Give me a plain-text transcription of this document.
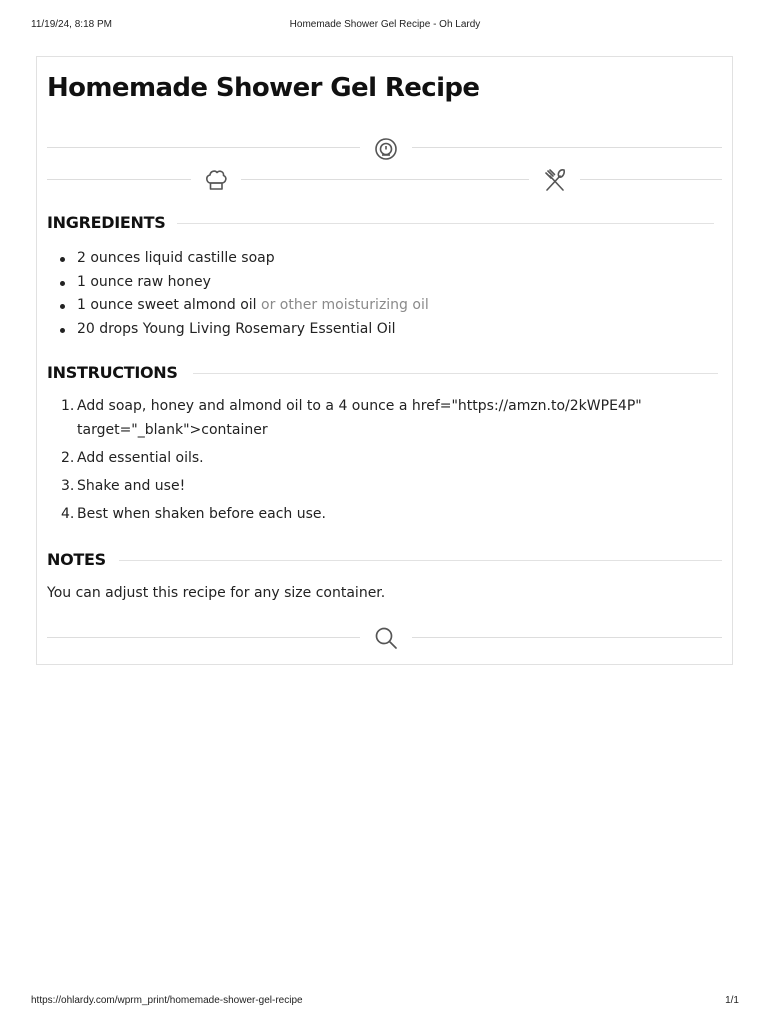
11/19/24, 8:18 PM	Homemade Shower Gel Recipe - Oh Lardy
Homemade Shower Gel Recipe
INGREDIENTS
2 ounces liquid castille soap
1 ounce raw honey
1 ounce sweet almond oil or other moisturizing oil
20 drops Young Living Rosemary Essential Oil
INSTRUCTIONS
1. Add soap, honey and almond oil to a 4 ounce a href="https://amzn.to/2kWPE4P" target="_blank">container
2. Add essential oils.
3. Shake and use!
4. Best when shaken before each use.
NOTES

You can adjust this recipe for any size container.

https://ohlardy.com/wprm_print/homemade-shower-gel-recipe	1/1
